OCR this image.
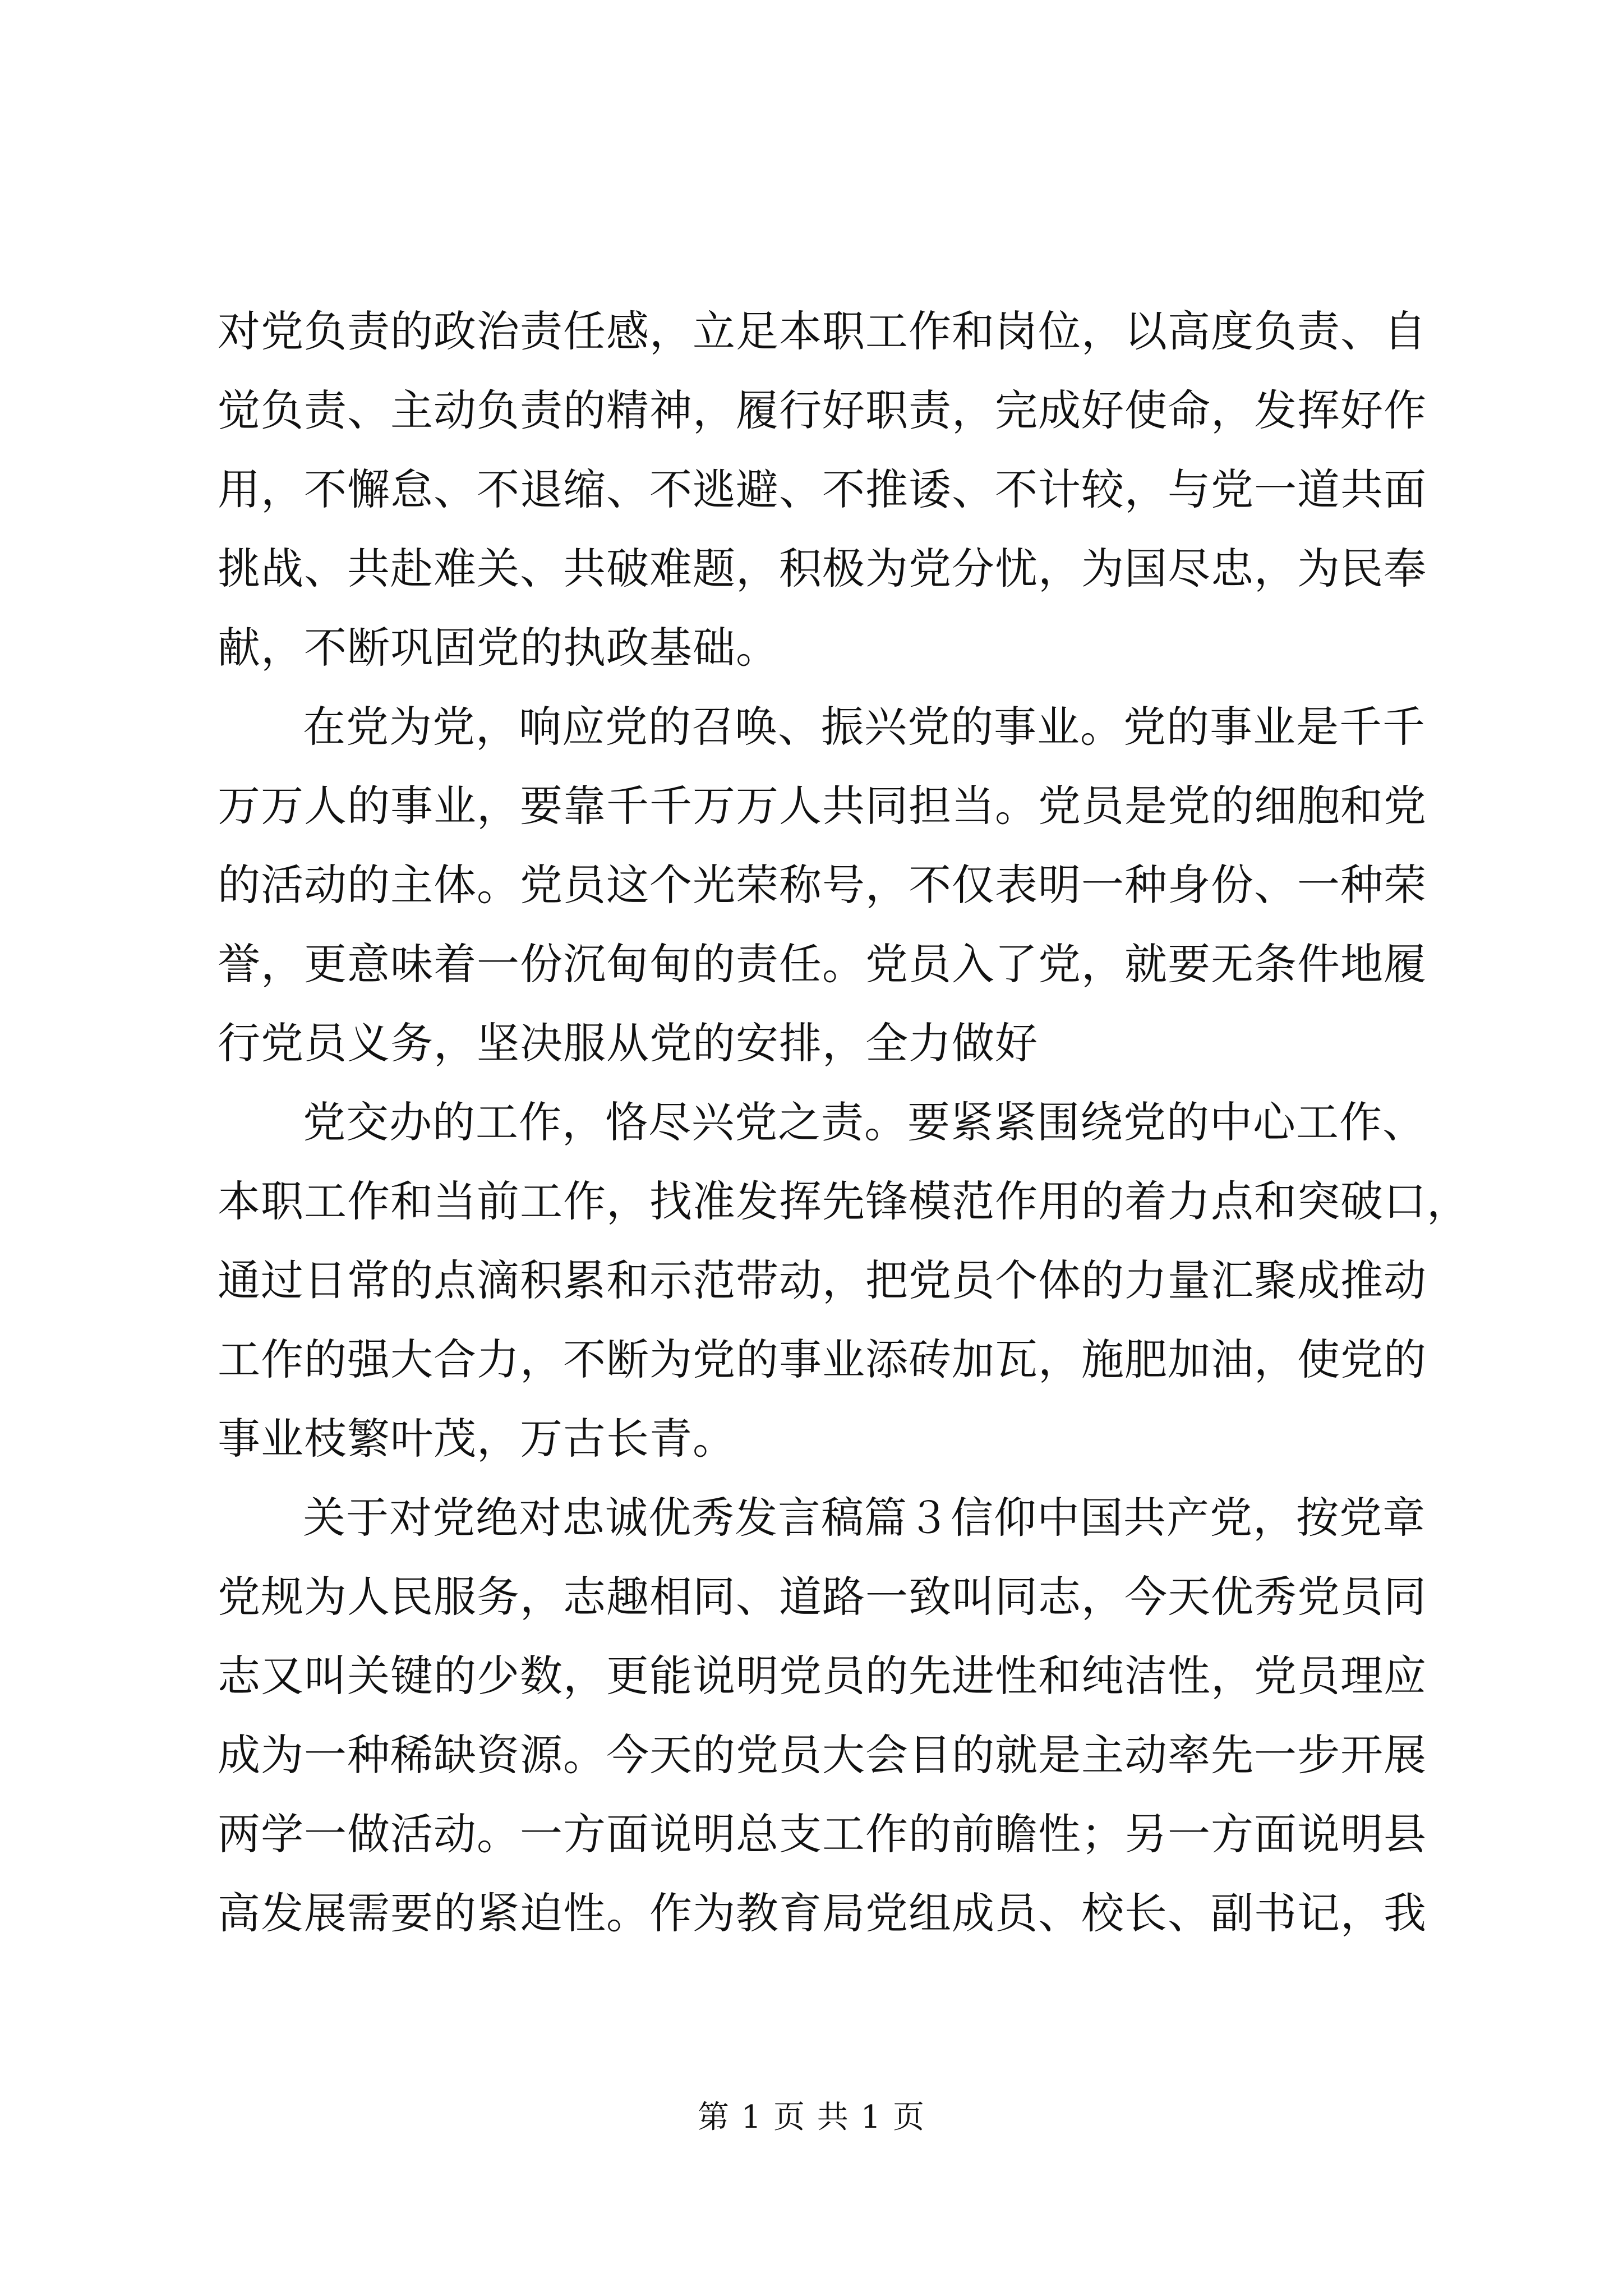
对党负责的政治责任感，立足本职工作和岗位，以高度负责、自
觉负责、主动负责的精神，履行好职责，完成好使命，发挥好作
用，不懈怠、不退缩、不逃避、不推诿、不计较，与党一道共面
挑战、共赴难关、共破难题，积极为党分忧，为国尽忠，为民奉
献，不断巩固党的执政基础。
在党为党，响应党的召唤、振兴党的事业。党的事业是千千
万万人的事业，要靠千千万万人共同担当。党员是党的细胞和党
的活动的主体。党员这个光荣称号，不仅表明一种身份、一种荣
誉，更意味着一份沉甸甸的责任。党员入了党，就要无条件地履
行党员义务，坚决服从党的安排，全力做好
党交办的工作，恪尽兴党之责。要紧紧围绕党的中心工作、
本职工作和当前工作，找准发挥先锋模范作用的着力点和突破口，
通过日常的点滴积累和示范带动，把党员个体的力量汇聚成推动
工作的强大合力，不断为党的事业添砖加瓦，施肥加油，使党的
事业枝繁叶茂，万古长青。
关于对党绝对忠诚优秀发言稿篇３信仰中国共产党，按党章
党规为人民服务，志趣相同、道路一致叫同志，今天优秀党员同
志又叫关键的少数，更能说明党员的先进性和纯洁性，党员理应
成为一种稀缺资源。今天的党员大会目的就是主动率先一步开展
两学一做活动。一方面说明总支工作的前瞻性；另一方面说明县
高发展需要的紧迫性。作为教育局党组成员、校长、副书记，我
第 1 页 共 1 页
